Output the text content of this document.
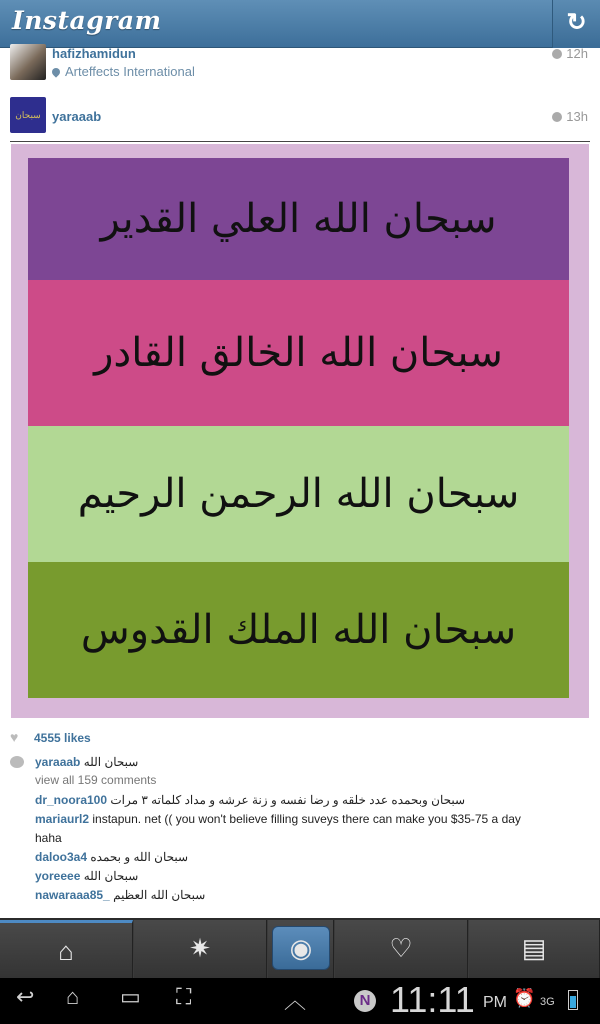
Instagram	↻
hafizhamidun
Arteffects International
12h
سبحان yaraaab	13h
سبحان الله العلي القدير
سبحان الله الخالق القادر
سبحان الله الرحمن الرحيم
سبحان الله الملك القدوس
♥ 4555 likes
yaraaab سبحان الله
view all 159 comments
dr_noora100 سبحان وبحمده عدد خلقه و رضا نفسه و زنة عرشه و مداد كلماته ٣ مرات
mariaurl2 instapun. net (( you won't believe filling suveys there can make you $35-75 a day
haha
daloo3a4 سبحان الله و بحمده
yoreeee سبحان الله
nawaraaa85_ سبحان الله العظيم
⌂	✷	◉	♡	▤
↩ ⌂ ▭ ⛶	︿	N 11:11 PM ⏰ 3G
